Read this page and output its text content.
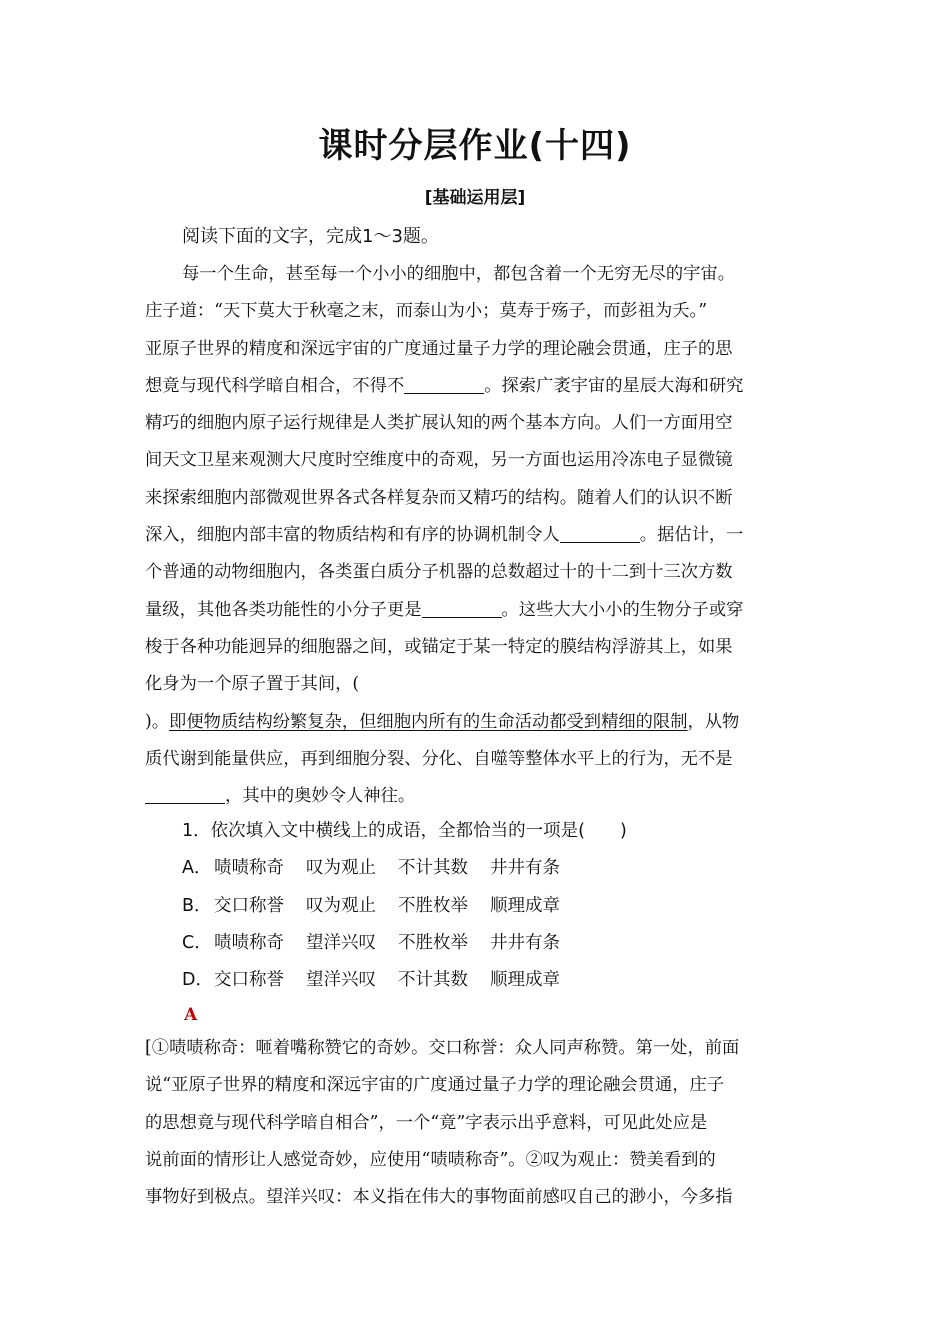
课时分层作业(十四)
[基础运用层]
阅读下面的文字，完成1～3题。
每一个生命，甚至每一个小小的细胞中，都包含着一个无穷无尽的宇宙。
庄子道：“天下莫大于秋毫之末，而泰山为小；莫寿于殇子，而彭祖为夭。”
亚原子世界的精度和深远宇宙的广度通过量子力学的理论融会贯通，庄子的思
想竟与现代科学暗自相合，不得不	。探索广袤宇宙的星辰大海和研究
精巧的细胞内原子运行规律是人类扩展认知的两个基本方向。人们一方面用空
间天文卫星来观测大尺度时空维度中的奇观，另一方面也运用冷冻电子显微镜
来探索细胞内部微观世界各式各样复杂而又精巧的结构。随着人们的认识不断
深入，细胞内部丰富的物质结构和有序的协调机制令人	。据估计，一
个普通的动物细胞内，各类蛋白质分子机器的总数超过十的十二到十三次方数
量级，其他各类功能性的小分子更是	。这些大大小小的生物分子或穿
梭于各种功能迥异的细胞器之间，或锚定于某一特定的膜结构浮游其上，如果
化身为一个原子置于其间，(
)。即便物质结构纷繁复杂，但细胞内所有的生命活动都受到精细的限制，从物
质代谢到能量供应，再到细胞分裂、分化、自噬等整体水平上的行为，无不是
，其中的奥妙令人神往。
1．依次填入文中横线上的成语，全都恰当的一项是(　　)
A． 啧啧称奇 叹为观止 不计其数 井井有条
B． 交口称誉 叹为观止 不胜枚举 顺理成章
C． 啧啧称奇 望洋兴叹 不胜枚举 井井有条
D．交口称誉 望洋兴叹 不计其数 顺理成章
A
[①啧啧称奇：咂着嘴称赞它的奇妙。交口称誉：众人同声称赞。第一处，前面
说“亚原子世界的精度和深远宇宙的广度通过量子力学的理论融会贯通，庄子
的思想竟与现代科学暗自相合”，一个“竟”字表示出乎意料，可见此处应是
说前面的情形让人感觉奇妙，应使用“啧啧称奇”。②叹为观止：赞美看到的
事物好到极点。望洋兴叹：本义指在伟大的事物面前感叹自己的渺小，今多指
